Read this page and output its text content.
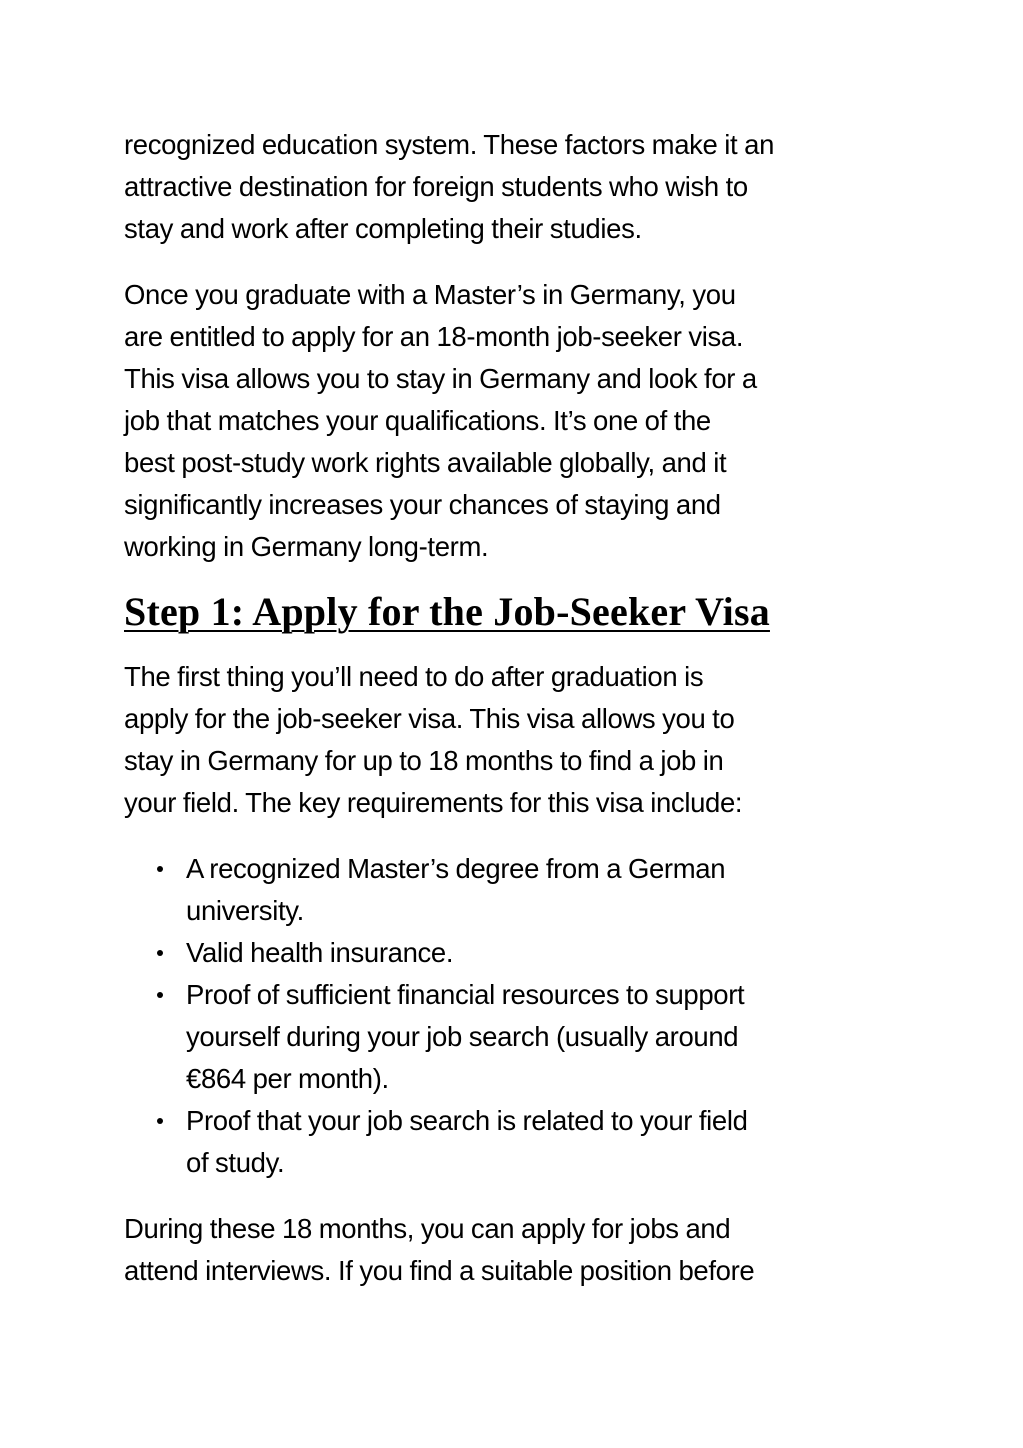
recognized education system. These factors make it an
attractive destination for foreign students who wish to
stay and work after completing their studies.

Once you graduate with a Master’s in Germany, you
are entitled to apply for an 18-month job-seeker visa.
This visa allows you to stay in Germany and look for a
job that matches your qualifications. It’s one of the
best post-study work rights available globally, and it
significantly increases your chances of staying and
working in Germany long-term.

Step 1: Apply for the Job-Seeker Visa

The first thing you’ll need to do after graduation is
apply for the job-seeker visa. This visa allows you to
stay in Germany for up to 18 months to find a job in
your field. The key requirements for this visa include:

A recognized Master’s degree from a German
university.
Valid health insurance.
Proof of sufficient financial resources to support
yourself during your job search (usually around
€864 per month).
Proof that your job search is related to your field
of study.

During these 18 months, you can apply for jobs and
attend interviews. If you find a suitable position before
